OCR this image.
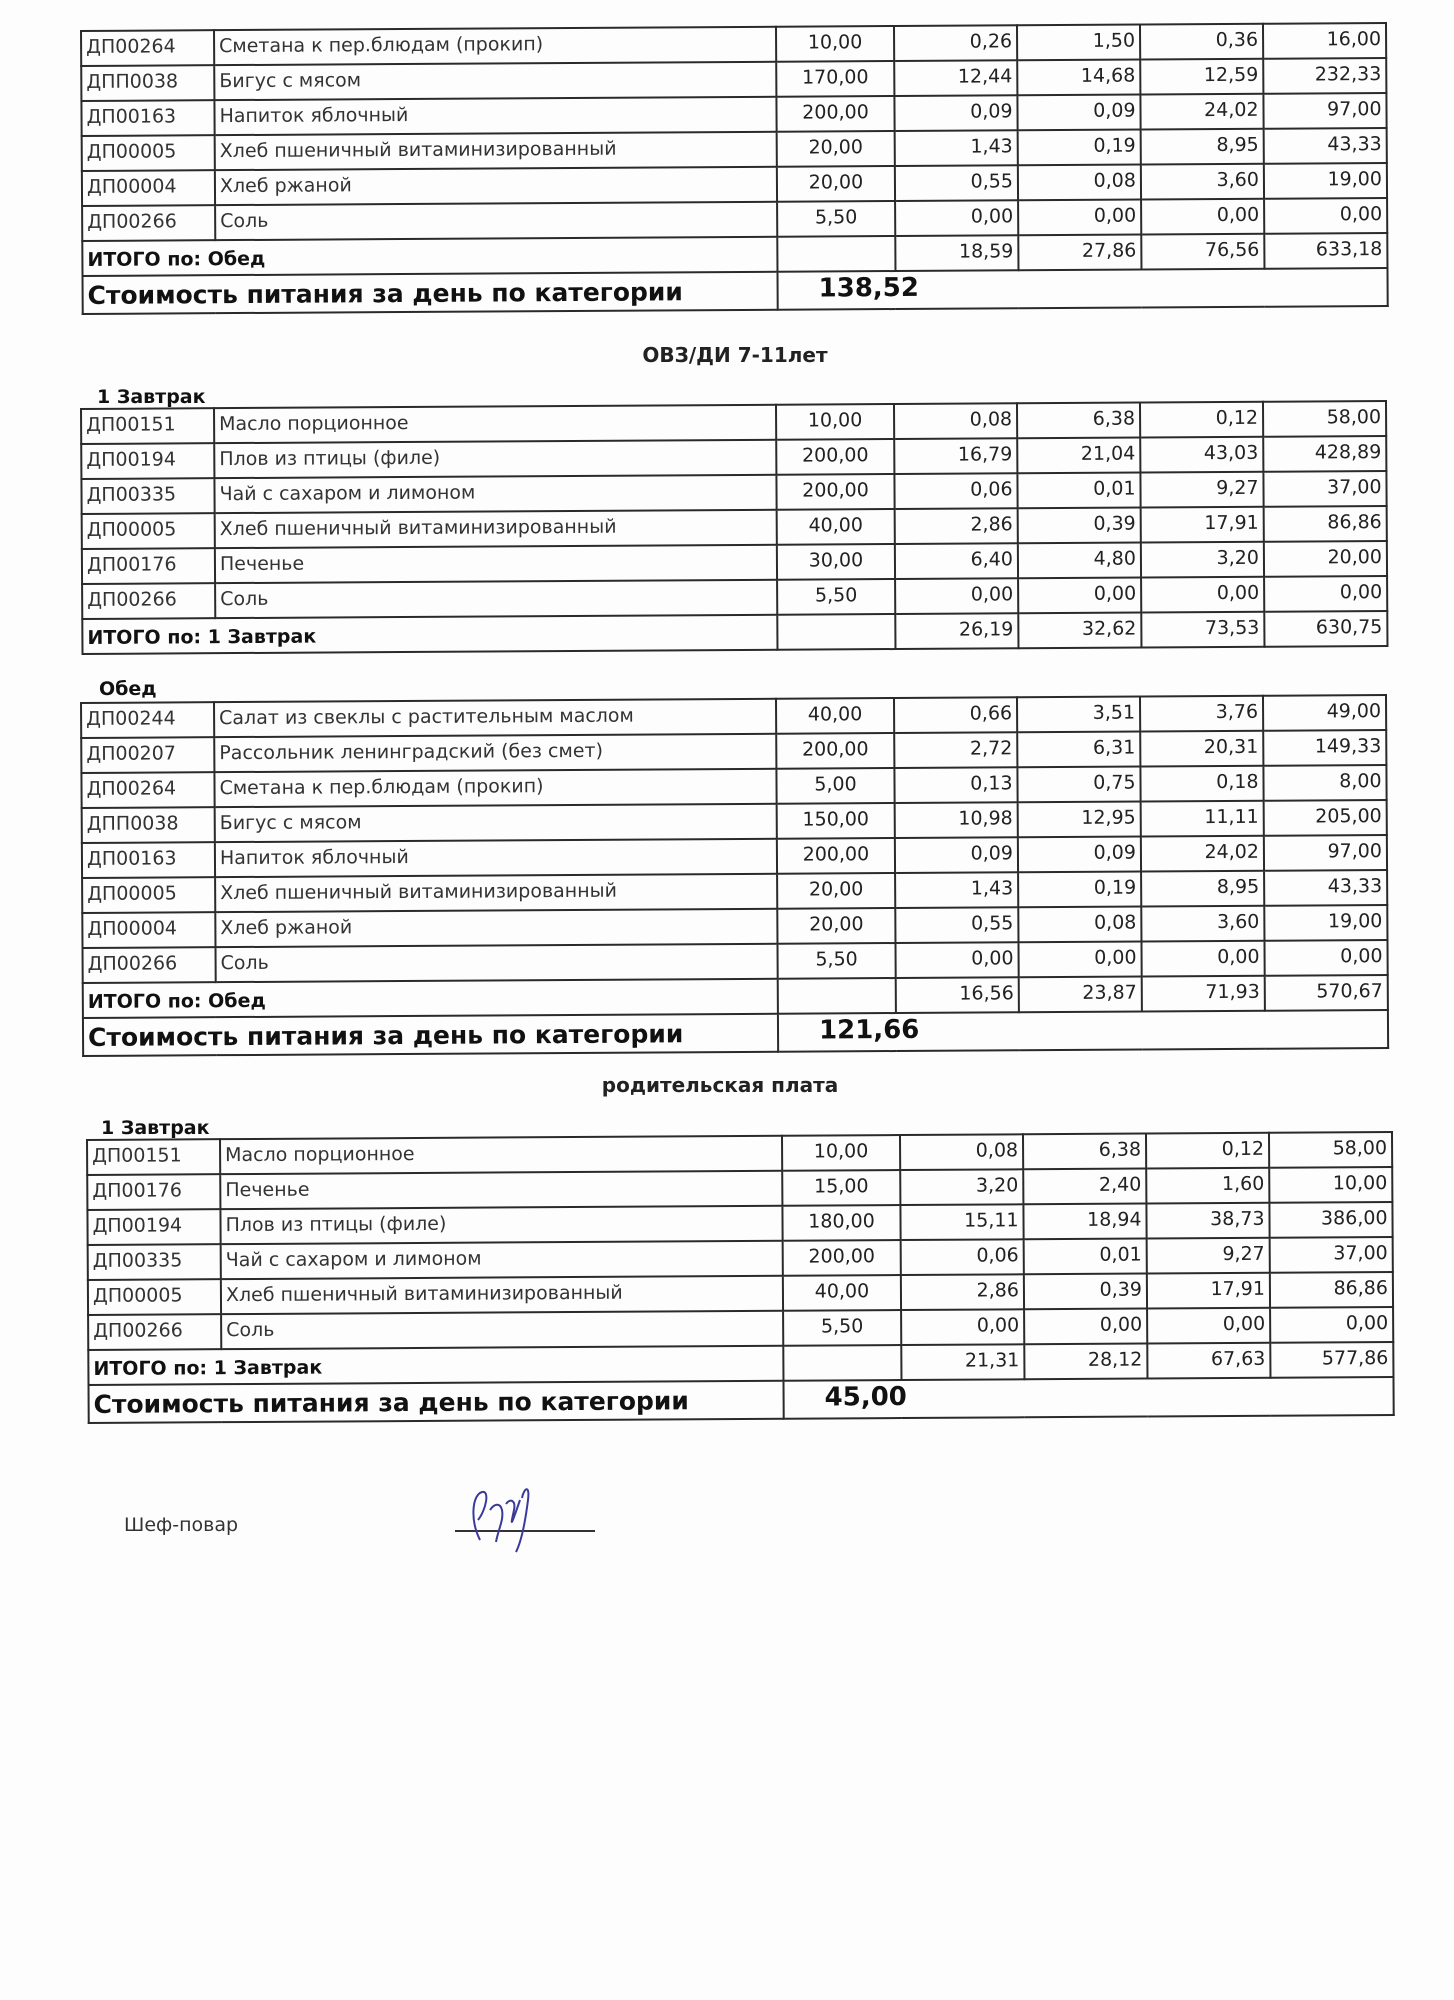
ДП00264	Сметана к пер.блюдам (прокип)	10,00	0,26	1,50	0,36	16,00
ДПП0038	Бигус с мясом	170,00	12,44	14,68	12,59	232,33
ДП00163	Напиток яблочный	200,00	0,09	0,09	24,02	97,00
ДП00005	Хлеб пшеничный витаминизированный	20,00	1,43	0,19	8,95	43,33
ДП00004	Хлеб ржаной	20,00	0,55	0,08	3,60	19,00
ДП00266	Соль	5,50	0,00	0,00	0,00	0,00
ИТОГО по: Обед			18,59	27,86	76,56	633,18
Стоимость питания за день по категории		138,52				
ОВЗ/ДИ 7-11лет
1 Завтрак
ДП00151	Масло порционное	10,00	0,08	6,38	0,12	58,00
ДП00194	Плов из птицы (филе)	200,00	16,79	21,04	43,03	428,89
ДП00335	Чай с сахаром и лимоном	200,00	0,06	0,01	9,27	37,00
ДП00005	Хлеб пшеничный витаминизированный	40,00	2,86	0,39	17,91	86,86
ДП00176	Печенье	30,00	6,40	4,80	3,20	20,00
ДП00266	Соль	5,50	0,00	0,00	0,00	0,00
ИТОГО по: 1 Завтрак			26,19	32,62	73,53	630,75
Обед
ДП00244	Салат из свеклы с растительным маслом	40,00	0,66	3,51	3,76	49,00
ДП00207	Рассольник ленинградский (без смет)	200,00	2,72	6,31	20,31	149,33
ДП00264	Сметана к пер.блюдам (прокип)	5,00	0,13	0,75	0,18	8,00
ДПП0038	Бигус с мясом	150,00	10,98	12,95	11,11	205,00
ДП00163	Напиток яблочный	200,00	0,09	0,09	24,02	97,00
ДП00005	Хлеб пшеничный витаминизированный	20,00	1,43	0,19	8,95	43,33
ДП00004	Хлеб ржаной	20,00	0,55	0,08	3,60	19,00
ДП00266	Соль	5,50	0,00	0,00	0,00	0,00
ИТОГО по: Обед			16,56	23,87	71,93	570,67
Стоимость питания за день по категории		121,66				
родительская плата
1 Завтрак
ДП00151	Масло порционное	10,00	0,08	6,38	0,12	58,00
ДП00176	Печенье	15,00	3,20	2,40	1,60	10,00
ДП00194	Плов из птицы (филе)	180,00	15,11	18,94	38,73	386,00
ДП00335	Чай с сахаром и лимоном	200,00	0,06	0,01	9,27	37,00
ДП00005	Хлеб пшеничный витаминизированный	40,00	2,86	0,39	17,91	86,86
ДП00266	Соль	5,50	0,00	0,00	0,00	0,00
ИТОГО по: 1 Завтрак			21,31	28,12	67,63	577,86
Стоимость питания за день по категории		45,00				
Шеф-повар
